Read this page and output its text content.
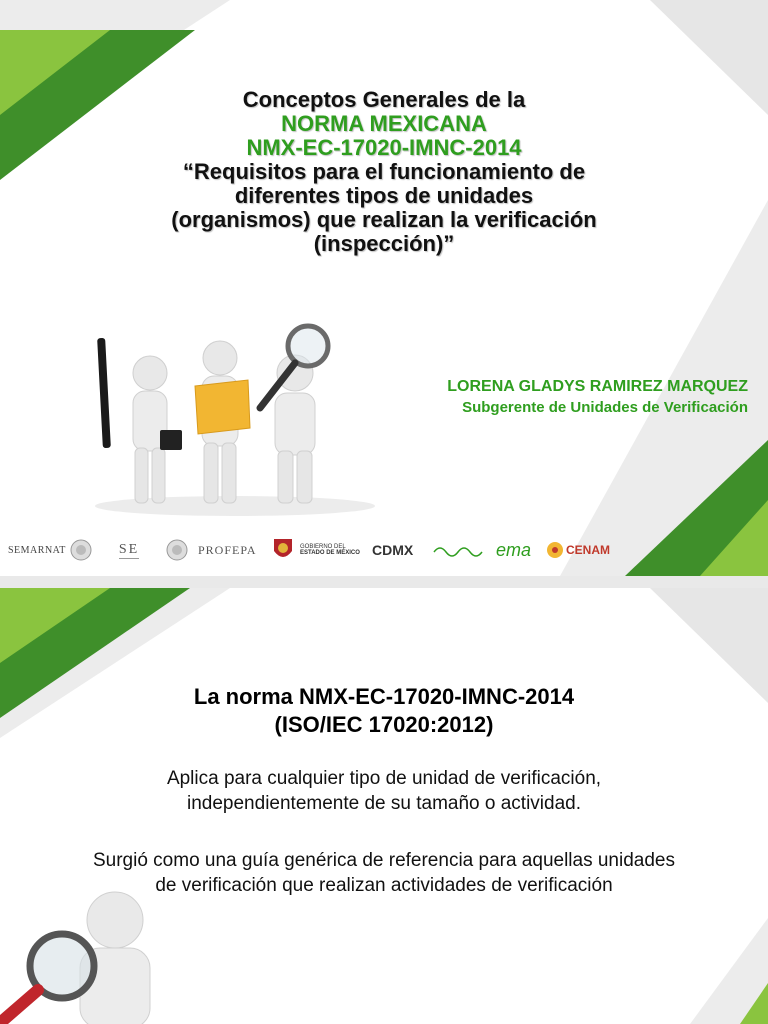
Conceptos Generales de la
NORMA MEXICANA
NMX-EC-17020-IMNC-2014
“Requisitos para el funcionamiento de
diferentes tipos de unidades
(organismos) que realizan la verificación
(inspección)”
LORENA GLADYS RAMIREZ MARQUEZ
Subgerente de Unidades de Verificación
SEMARNAT	SE	PROFEPA	GOBIERNO DEL
ESTADO DE MÉXICO CDMX	ema	CENAM
La norma NMX-EC-17020-IMNC-2014
(ISO/IEC 17020:2012)
Aplica para cualquier tipo de unidad de verificación,
independientemente de su tamaño o actividad.
Surgió como una guía genérica de referencia para aquellas unidades
de verificación que realizan actividades de verificación
